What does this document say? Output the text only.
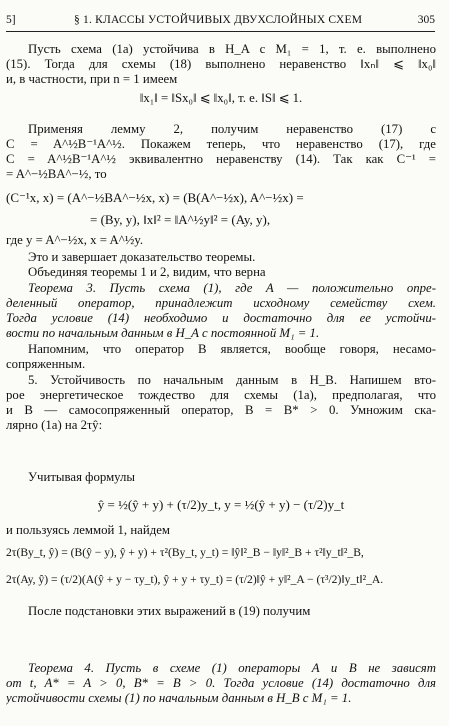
5]	§ 1. КЛАССЫ УСТОЙЧИВЫХ ДВУХСЛОЙНЫХ СХЕМ	305
Пусть схема (1а) устойчива в H_A с M₁ = 1, т. е. выполнено
(15). Тогда для схемы (18) выполнено неравенство ‖xₙ‖ ⩽ ‖x₀‖
и, в частности, при n = 1 имеем
‖x₁‖ = ‖Sx₀‖ ⩽ ‖x₀‖, т. е. ‖S‖ ⩽ 1.
Применяя лемму 2, получим неравенство (17) с
C = A^½B⁻¹A^½. Покажем теперь, что неравенство (17), где
C = A^½B⁻¹A^½ эквивалентно неравенству (14). Так как C⁻¹ =
= A^−½BA^−½, то
(C⁻¹x, x) = (A^−½BA^−½x, x) = (B(A^−½x), A^−½x) =
= (By, y), ‖x‖² = ‖A^½y‖² = (Ay, y),
где y = A^−½x, x = A^½y.
Это и завершает доказательство теоремы.
Объединяя теоремы 1 и 2, видим, что верна
Теорема 3. Пусть схема (1), где A — положительно опре-
деленный оператор, принадлежит исходному семейству схем.
Тогда условие (14) необходимо и достаточно для ее устойчи-
вости по начальным данным в H_A с постоянной M₁ = 1.
Напомним, что оператор B является, вообще говоря, несамо-
сопряженным.
5. Устойчивость по начальным данным в H_B. Напишем вто-
рое энергетическое тождество для схемы (1а), предполагая, что
и B — самосопряженный оператор, B = B* > 0. Умножим ска-
лярно (1а) на 2τŷ:
Учитывая формулы
ŷ = ½(ŷ + y) + (τ/2)y_t, y = ½(ŷ + y) − (τ/2)y_t
и пользуясь леммой 1, найдем
2τ(By_t, ŷ) = (B(ŷ − y), ŷ + y) + τ²(By_t, y_t) = ‖ŷ‖²_B − ‖y‖²_B + τ²‖y_t‖²_B,
2τ(Ay, ŷ) = (τ/2)(A(ŷ + y − τy_t), ŷ + y + τy_t) = (τ/2)‖ŷ + y‖²_A − (τ³/2)‖y_t‖²_A.
После подстановки этих выражений в (19) получим
Теорема 4. Пусть в схеме (1) операторы A и B не зависят
от t, A* = A > 0, B* = B > 0. Тогда условие (14) достаточно для
устойчивости схемы (1) по начальным данным в H_B с M₁ = 1.
